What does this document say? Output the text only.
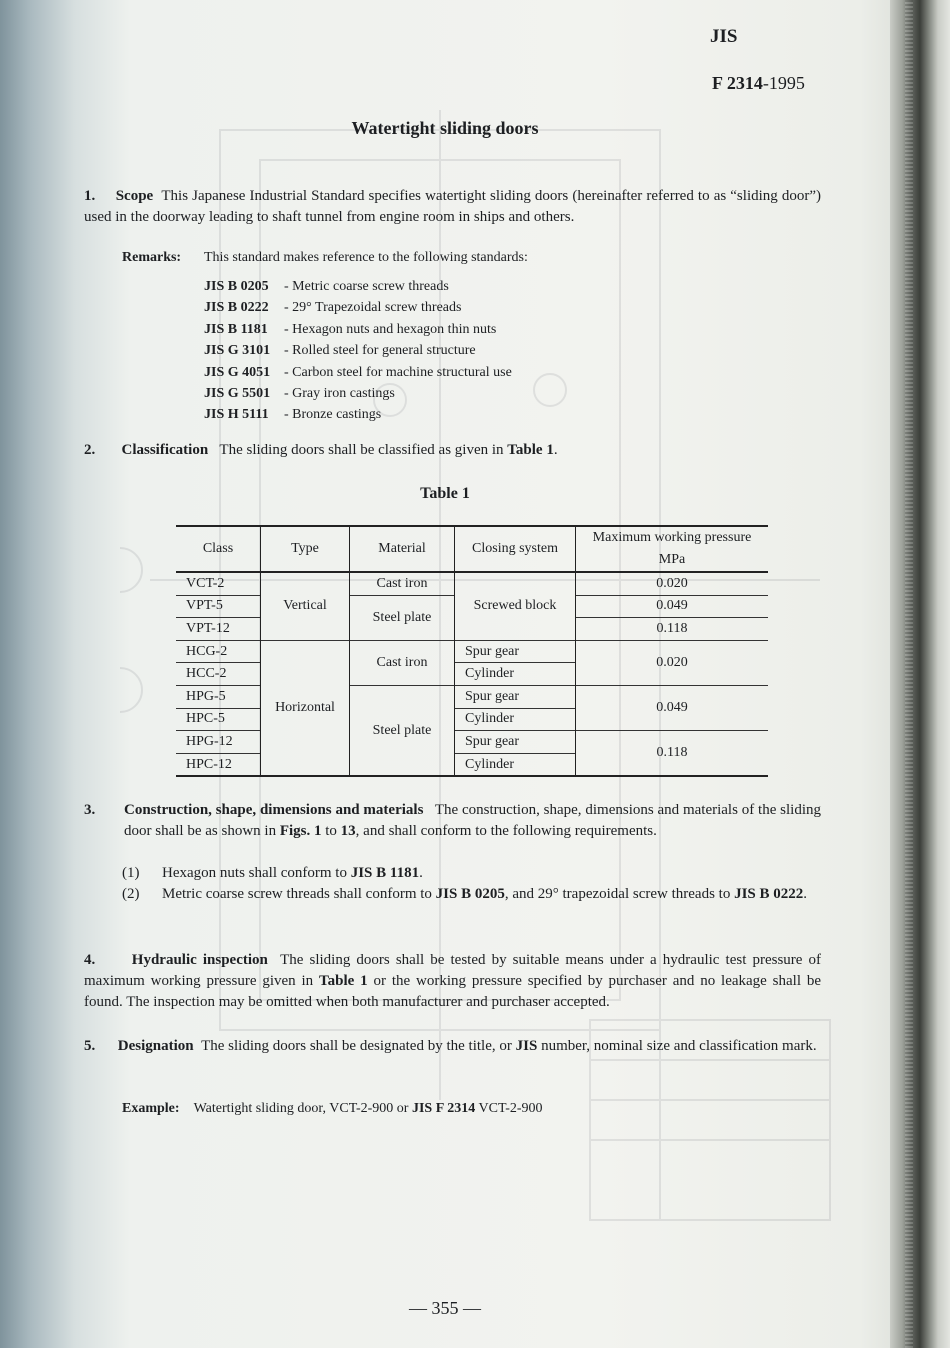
JIS
F 2314-1995
Watertight sliding doors
1. Scope This Japanese Industrial Standard specifies watertight sliding doors (hereinafter referred to as “sliding door”) used in the doorway leading to shaft tunnel from engine room in ships and others.
Remarks: This standard makes reference to the following standards:
JIS B 0205	- Metric coarse screw threads
JIS B 0222	- 29° Trapezoidal screw threads
JIS B 1181	- Hexagon nuts and hexagon thin nuts
JIS G 3101 - Rolled steel for general structure
JIS G 4051 - Carbon steel for machine structural use
JIS G 5501 - Gray iron castings
JIS H 5111	- Bronze castings
2. Classification The sliding doors shall be classified as given in Table 1.
Table 1
Class	Type	Material	Closing system	Maximum working pressure
MPa
VCT-2	Vertical	Cast iron	Screwed block	0.020
VPT-5		Steel plate		0.049
VPT-12				0.118
HCG-2	Horizontal	Cast iron	Spur gear	0.020
HCC-2			Cylinder	
HPG-5		Steel plate	Spur gear	0.049
HPC-5			Cylinder	
HPG-12			Spur gear	0.118
HPC-12			Cylinder	
3.	Construction, shape, dimensions and materials The construction, shape, dimensions and materials of the sliding door shall be as shown in Figs. 1 to 13, and shall conform to the following requirements.
(1)	Hexagon nuts shall conform to JIS B 1181.
(2)	Metric coarse screw threads shall conform to JIS B 0205, and 29° trapezoidal screw threads to JIS B 0222.
4. Hydraulic inspection The sliding doors shall be tested by suitable means under a hydraulic test pressure of maximum working pressure given in Table 1 or the working pressure specified by purchaser and no leakage shall be found. The inspection may be omitted when both manufacturer and purchaser accepted.
5. Designation The sliding doors shall be designated by the title, or JIS number, nominal size and classification mark.
Example: Watertight sliding door, VCT-2-900 or JIS F 2314 VCT-2-900
— 355 —
